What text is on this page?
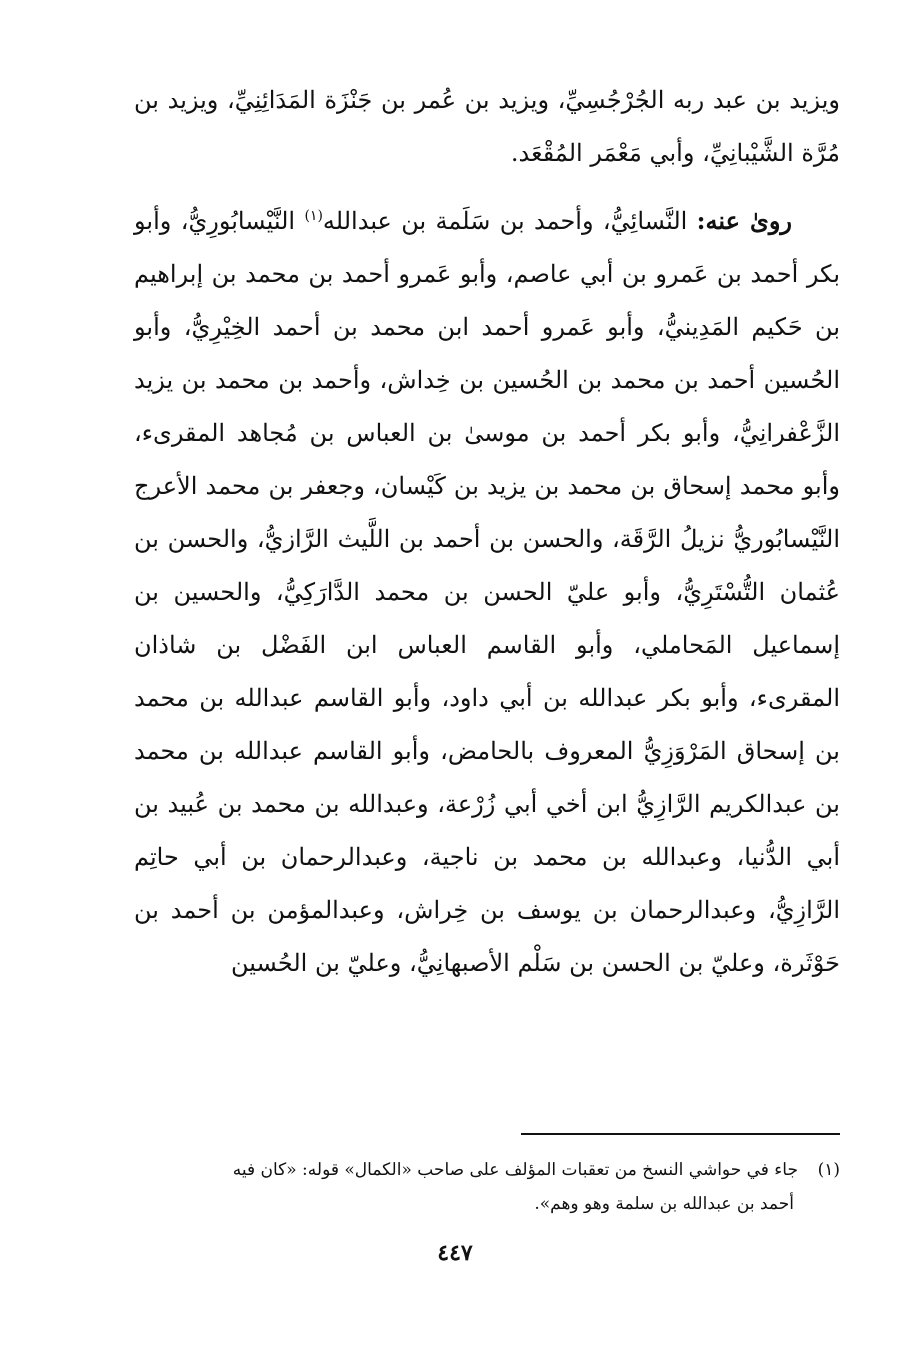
ويزيد بن عبد ربه الجُرْجُسِيِّ، ويزيد بن عُمر بن جَنْزَة المَدَائِنِيِّ، ويزيد بن مُرَّة الشَّيْبانِيِّ، وأبي مَعْمَر المُقْعَد.

روىٰ عنه: النَّسائِيُّ، وأحمد بن سَلَمة بن عبدالله$^{(١)}$ النَّيْسابُورِيُّ، وأبو بكر أحمد بن عَمرو بن أبي عاصم، وأبو عَمرو أحمد بن محمد بن إبراهيم بن حَكيم المَدِينيُّ، وأبو عَمرو أحمد ابن محمد بن أحمد الخِيْرِيُّ، وأبو الحُسين أحمد بن محمد بن الحُسين بن خِداش، وأحمد بن محمد بن يزيد الزَّعْفرانِيُّ، وأبو بكر أحمد بن موسىٰ بن العباس بن مُجاهد المقرىء، وأبو محمد إسحاق بن محمد بن يزيد بن كَيْسان، وجعفر بن محمد الأعرج النَّيْسابُوريُّ نزيلُ الرَّقَة، والحسن بن أحمد بن اللَّيث الرَّازيُّ، والحسن بن عُثمان التُّسْتَرِيُّ، وأبو عليّ الحسن بن محمد الدَّارَكِيُّ، والحسين بن إسماعيل المَحاملي، وأبو القاسم العباس ابن الفَضْل بن شاذان المقرىء، وأبو بكر عبدالله بن أبي داود، وأبو القاسم عبدالله بن محمد بن إسحاق المَرْوَزِيُّ المعروف بالحامض، وأبو القاسم عبدالله بن محمد بن عبدالكريم الرَّازِيُّ ابن أخي أبي زُرْعة، وعبدالله بن محمد بن عُبيد بن أبي الدُّنيا، وعبدالله بن محمد بن ناجية، وعبدالرحمان بن أبي حاتِم الرَّازِيُّ، وعبدالرحمان بن يوسف بن خِراش، وعبدالمؤمن بن أحمد بن حَوْثَرة، وعليّ بن الحسن بن سَلْم الأصبهانِيُّ، وعليّ بن الحُسين

(١)جاء في حواشي النسخ من تعقبات المؤلف على صاحب «الكمال» قوله: «كان فيه
أحمد بن عبدالله بن سلمة وهو وهم».
٤٤٧
